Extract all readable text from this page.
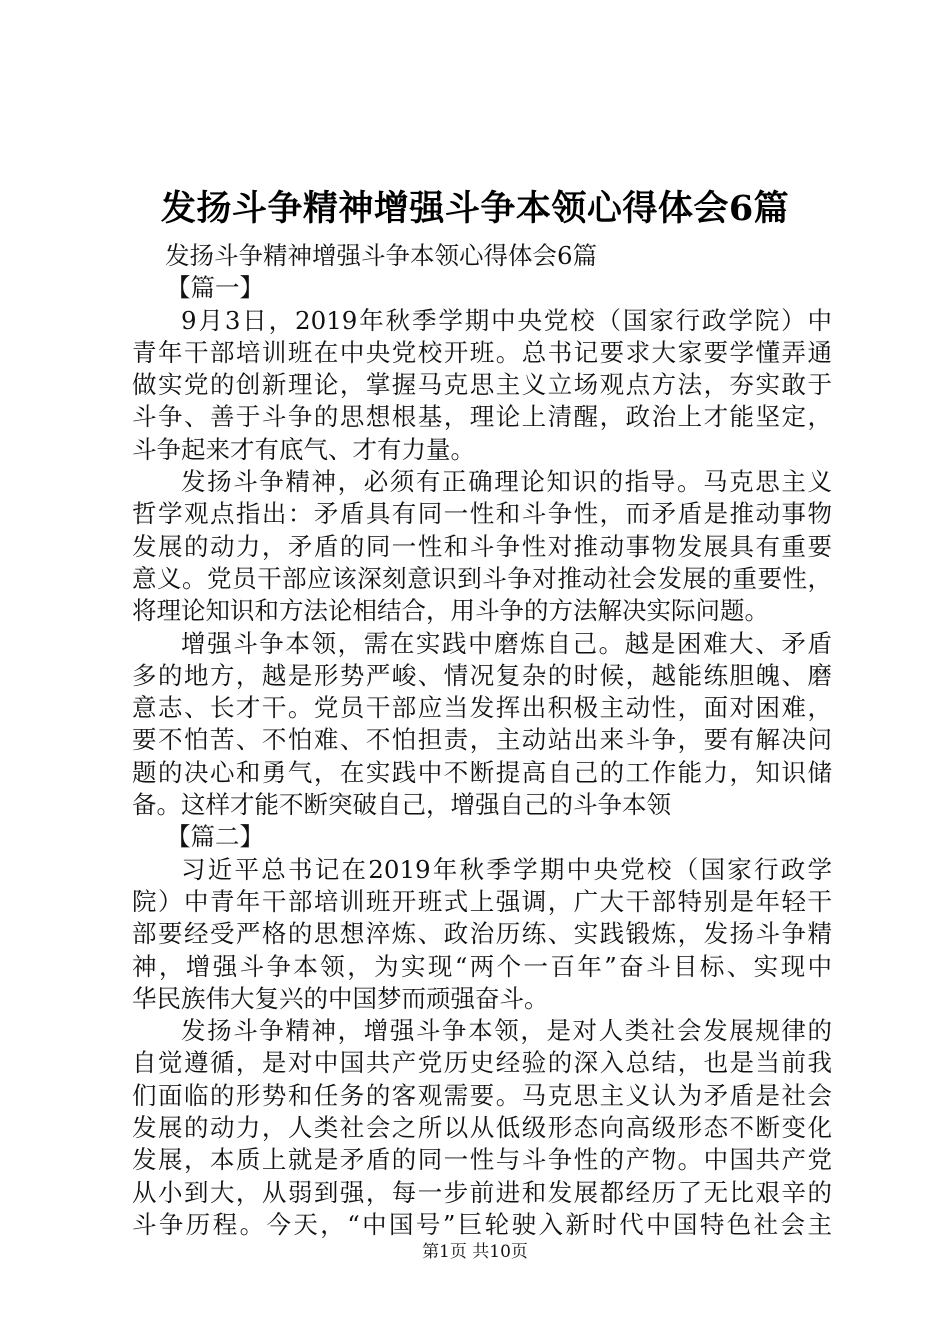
发扬斗争精神增强斗争本领心得体会6篇
发扬斗争精神增强斗争本领心得体会6篇
【篇一】
9月3日，2019年秋季学期中央党校（国家行政学院）中
青年干部培训班在中央党校开班。总书记要求大家要学懂弄通
做实党的创新理论，掌握马克思主义立场观点方法，夯实敢于
斗争、善于斗争的思想根基，理论上清醒，政治上才能坚定，
斗争起来才有底气、才有力量。
发扬斗争精神，必须有正确理论知识的指导。马克思主义
哲学观点指出：矛盾具有同一性和斗争性，而矛盾是推动事物
发展的动力，矛盾的同一性和斗争性对推动事物发展具有重要
意义。党员干部应该深刻意识到斗争对推动社会发展的重要性，
将理论知识和方法论相结合，用斗争的方法解决实际问题。
增强斗争本领，需在实践中磨炼自己。越是困难大、矛盾
多的地方，越是形势严峻、情况复杂的时候，越能练胆魄、磨
意志、长才干。党员干部应当发挥出积极主动性，面对困难，
要不怕苦、不怕难、不怕担责，主动站出来斗争，要有解决问
题的决心和勇气，在实践中不断提高自己的工作能力，知识储
备。这样才能不断突破自己，增强自己的斗争本领
【篇二】
习近平总书记在2019年秋季学期中央党校（国家行政学
院）中青年干部培训班开班式上强调，广大干部特别是年轻干
部要经受严格的思想淬炼、政治历练、实践锻炼，发扬斗争精
神，增强斗争本领，为实现“两个一百年”奋斗目标、实现中
华民族伟大复兴的中国梦而顽强奋斗。
发扬斗争精神，增强斗争本领，是对人类社会发展规律的
自觉遵循，是对中国共产党历史经验的深入总结，也是当前我
们面临的形势和任务的客观需要。马克思主义认为矛盾是社会
发展的动力，人类社会之所以从低级形态向高级形态不断变化
发展，本质上就是矛盾的同一性与斗争性的产物。中国共产党
从小到大，从弱到强，每一步前进和发展都经历了无比艰辛的
斗争历程。今天，“中国号”巨轮驶入新时代中国特色社会主
第1页 共10页
